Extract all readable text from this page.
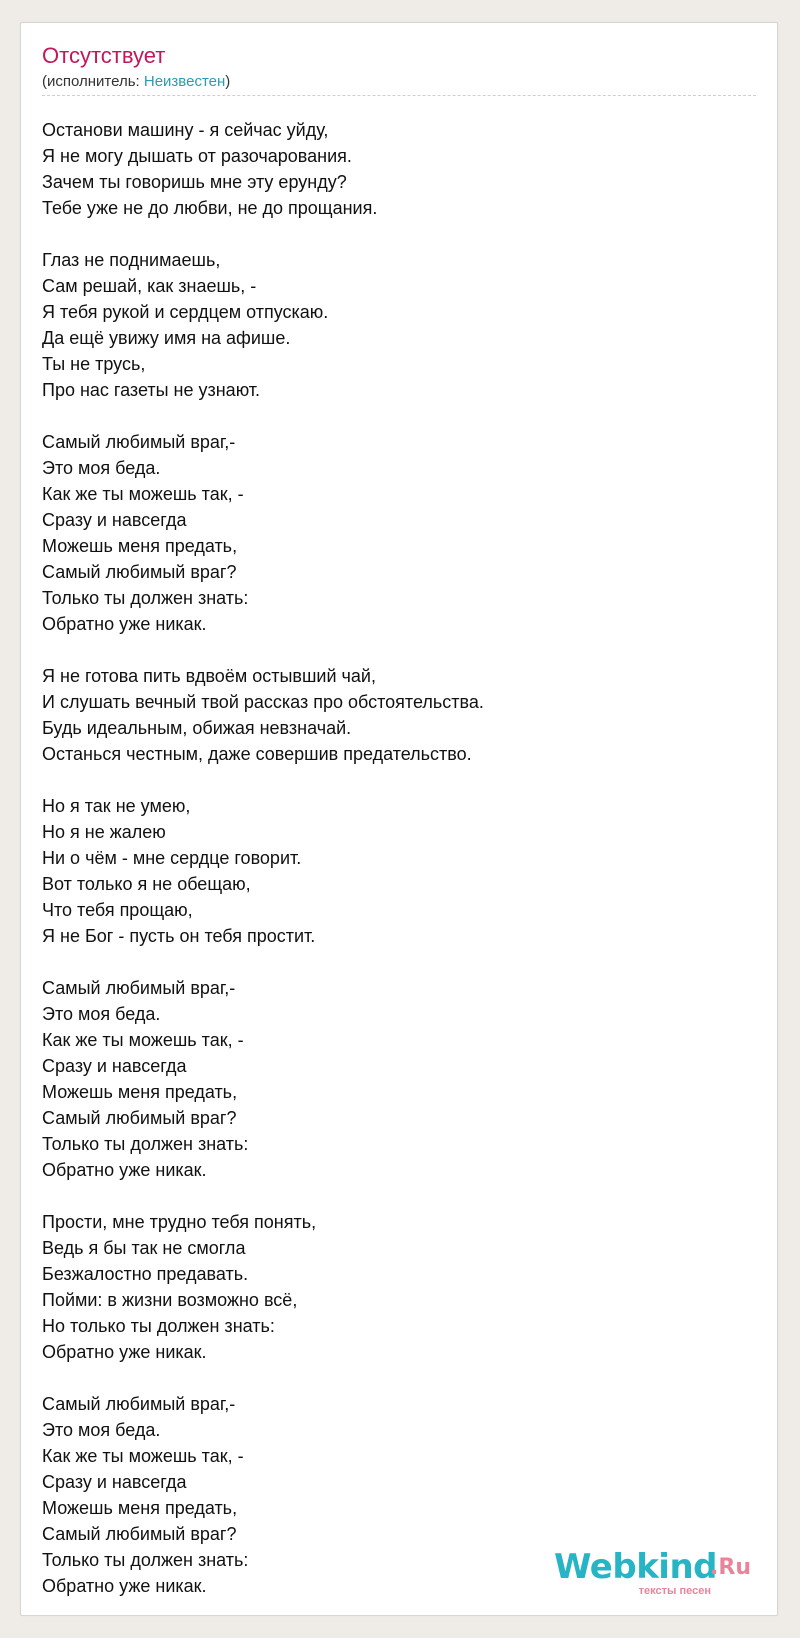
Отсутствует
(исполнитель: Неизвестен)
Останови машину - я сейчас уйду,
Я не могу дышать от разочарования.
Зачем ты говоришь мне эту ерунду?
Тебе уже не до любви, не до прощания.
Глаз не поднимаешь,
Сам решай, как знаешь, -
Я тебя рукой и сердцем отпускаю.
Да ещё увижу имя на афише.
Ты не трусь,
Про нас газеты не узнают.
Самый любимый враг,-
Это моя беда.
Как же ты можешь так, -
Сразу и навсегда
Можешь меня предать,
Самый любимый враг?
Только ты должен знать:
Обратно уже никак.
Я не готова пить вдвоём остывший чай,
И слушать вечный твой рассказ про обстоятельства.
Будь идеальным, обижая невзначай.
Останься честным, даже совершив предательство.
Но я так не умею,
Но я не жалею
Ни о чём - мне сердце говорит.
Вот только я не обещаю,
Что тебя прощаю,
Я не Бог - пусть он тебя простит.
Самый любимый враг,-
Это моя беда.
Как же ты можешь так, -
Сразу и навсегда
Можешь меня предать,
Самый любимый враг?
Только ты должен знать:
Обратно уже никак.
Прости, мне трудно тебя понять,
Ведь я бы так не смогла
Безжалостно предавать.
Пойми: в жизни возможно всё,
Но только ты должен знать:
Обратно уже никак.
Самый любимый враг,-
Это моя беда.
Как же ты можешь так, -
Сразу и навсегда
Можешь меня предать,
Самый любимый враг?
Только ты должен знать:
Обратно уже никак.	Webkind
.Ru
тексты песен
